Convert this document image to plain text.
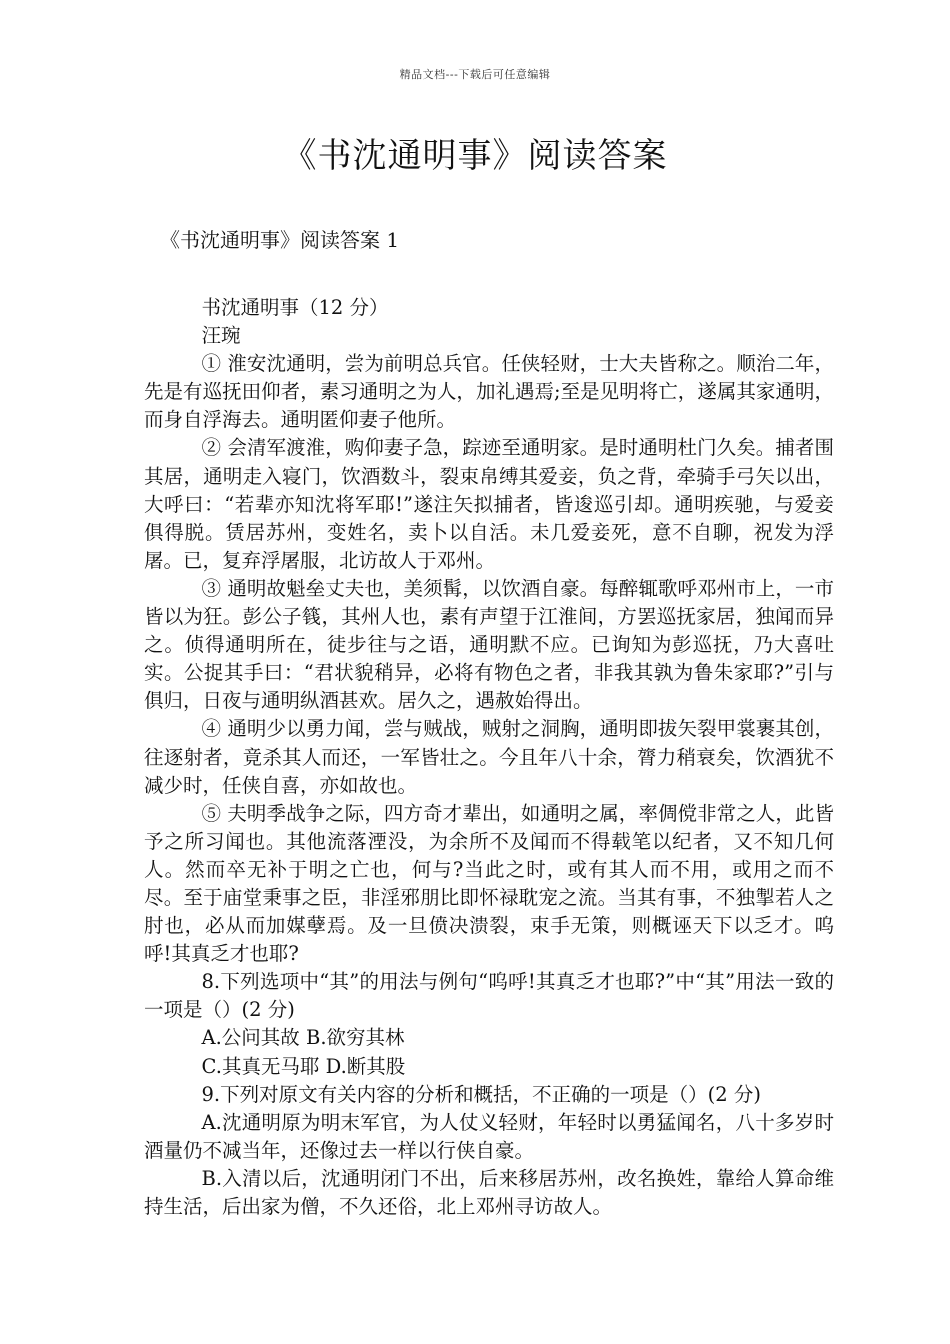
精品文档---下载后可任意编辑
《书沈通明事》阅读答案
《书沈通明事》阅读答案 1

书沈通明事（12 分）

汪琬

① 淮安沈通明，尝为前明总兵官。任侠轻财，士大夫皆称之。顺治二年，先是有巡抚田仰者，素习通明之为人，加礼遇焉;至是见明将亡，遂属其家通明，而身自浮海去。通明匿仰妻子他所。

② 会清军渡淮，购仰妻子急，踪迹至通明家。是时通明杜门久矣。捕者围其居，通明走入寝门，饮酒数斗，裂束帛缚其爱妾，负之背，牵骑手弓矢以出，大呼曰：“若辈亦知沈将军耶!”遂注矢拟捕者，皆逡巡引却。通明疾驰，与爱妾俱得脱。赁居苏州，变姓名，卖卜以自活。未几爱妾死，意不自聊，祝发为浮屠。已，复弃浮屠服，北访故人于邓州。

③ 通明故魁垒丈夫也，美须髯，以饮酒自豪。每醉辄歌呼邓州市上，一市皆以为狂。彭公子篯，其州人也，素有声望于江淮间，方罢巡抚家居，独闻而异之。侦得通明所在，徒步往与之语，通明默不应。已询知为彭巡抚，乃大喜吐实。公捉其手曰：“君状貌稍异，必将有物色之者，非我其孰为鲁朱家耶?”引与俱归，日夜与通明纵酒甚欢。居久之，遇赦始得出。

④ 通明少以勇力闻，尝与贼战，贼射之洞胸，通明即拔矢裂甲裳裹其创，往逐射者，竟杀其人而还，一军皆壮之。今且年八十余，膂力稍衰矣，饮酒犹不减少时，任侠自喜，亦如故也。

⑤ 夫明季战争之际，四方奇才辈出，如通明之属，率倜傥非常之人，此皆予之所习闻也。其他流落湮没，为余所不及闻而不得载笔以纪者，又不知几何人。然而卒无补于明之亡也，何与?当此之时，或有其人而不用，或用之而不尽。至于庙堂秉事之臣，非淫邪朋比即怀禄耽宠之流。当其有事，不独掣若人之肘也，必从而加媒孽焉。及一旦偾决溃裂，束手无策，则概诬天下以乏才。呜呼!其真乏才也耶?

8.下列选项中“其”的用法与例句“呜呼!其真乏才也耶?”中“其”用法一致的一项是（）(2 分)

A.公问其故 B.欲穷其林

C.其真无马耶 D.断其股

9.下列对原文有关内容的分析和概括，不正确的一项是（）(2 分)

A.沈通明原为明末军官，为人仗义轻财，年轻时以勇猛闻名，八十多岁时酒量仍不减当年，还像过去一样以行侠自豪。

B.入清以后，沈通明闭门不出，后来移居苏州，改名换姓，靠给人算命维持生活，后出家为僧，不久还俗，北上邓州寻访故人。
